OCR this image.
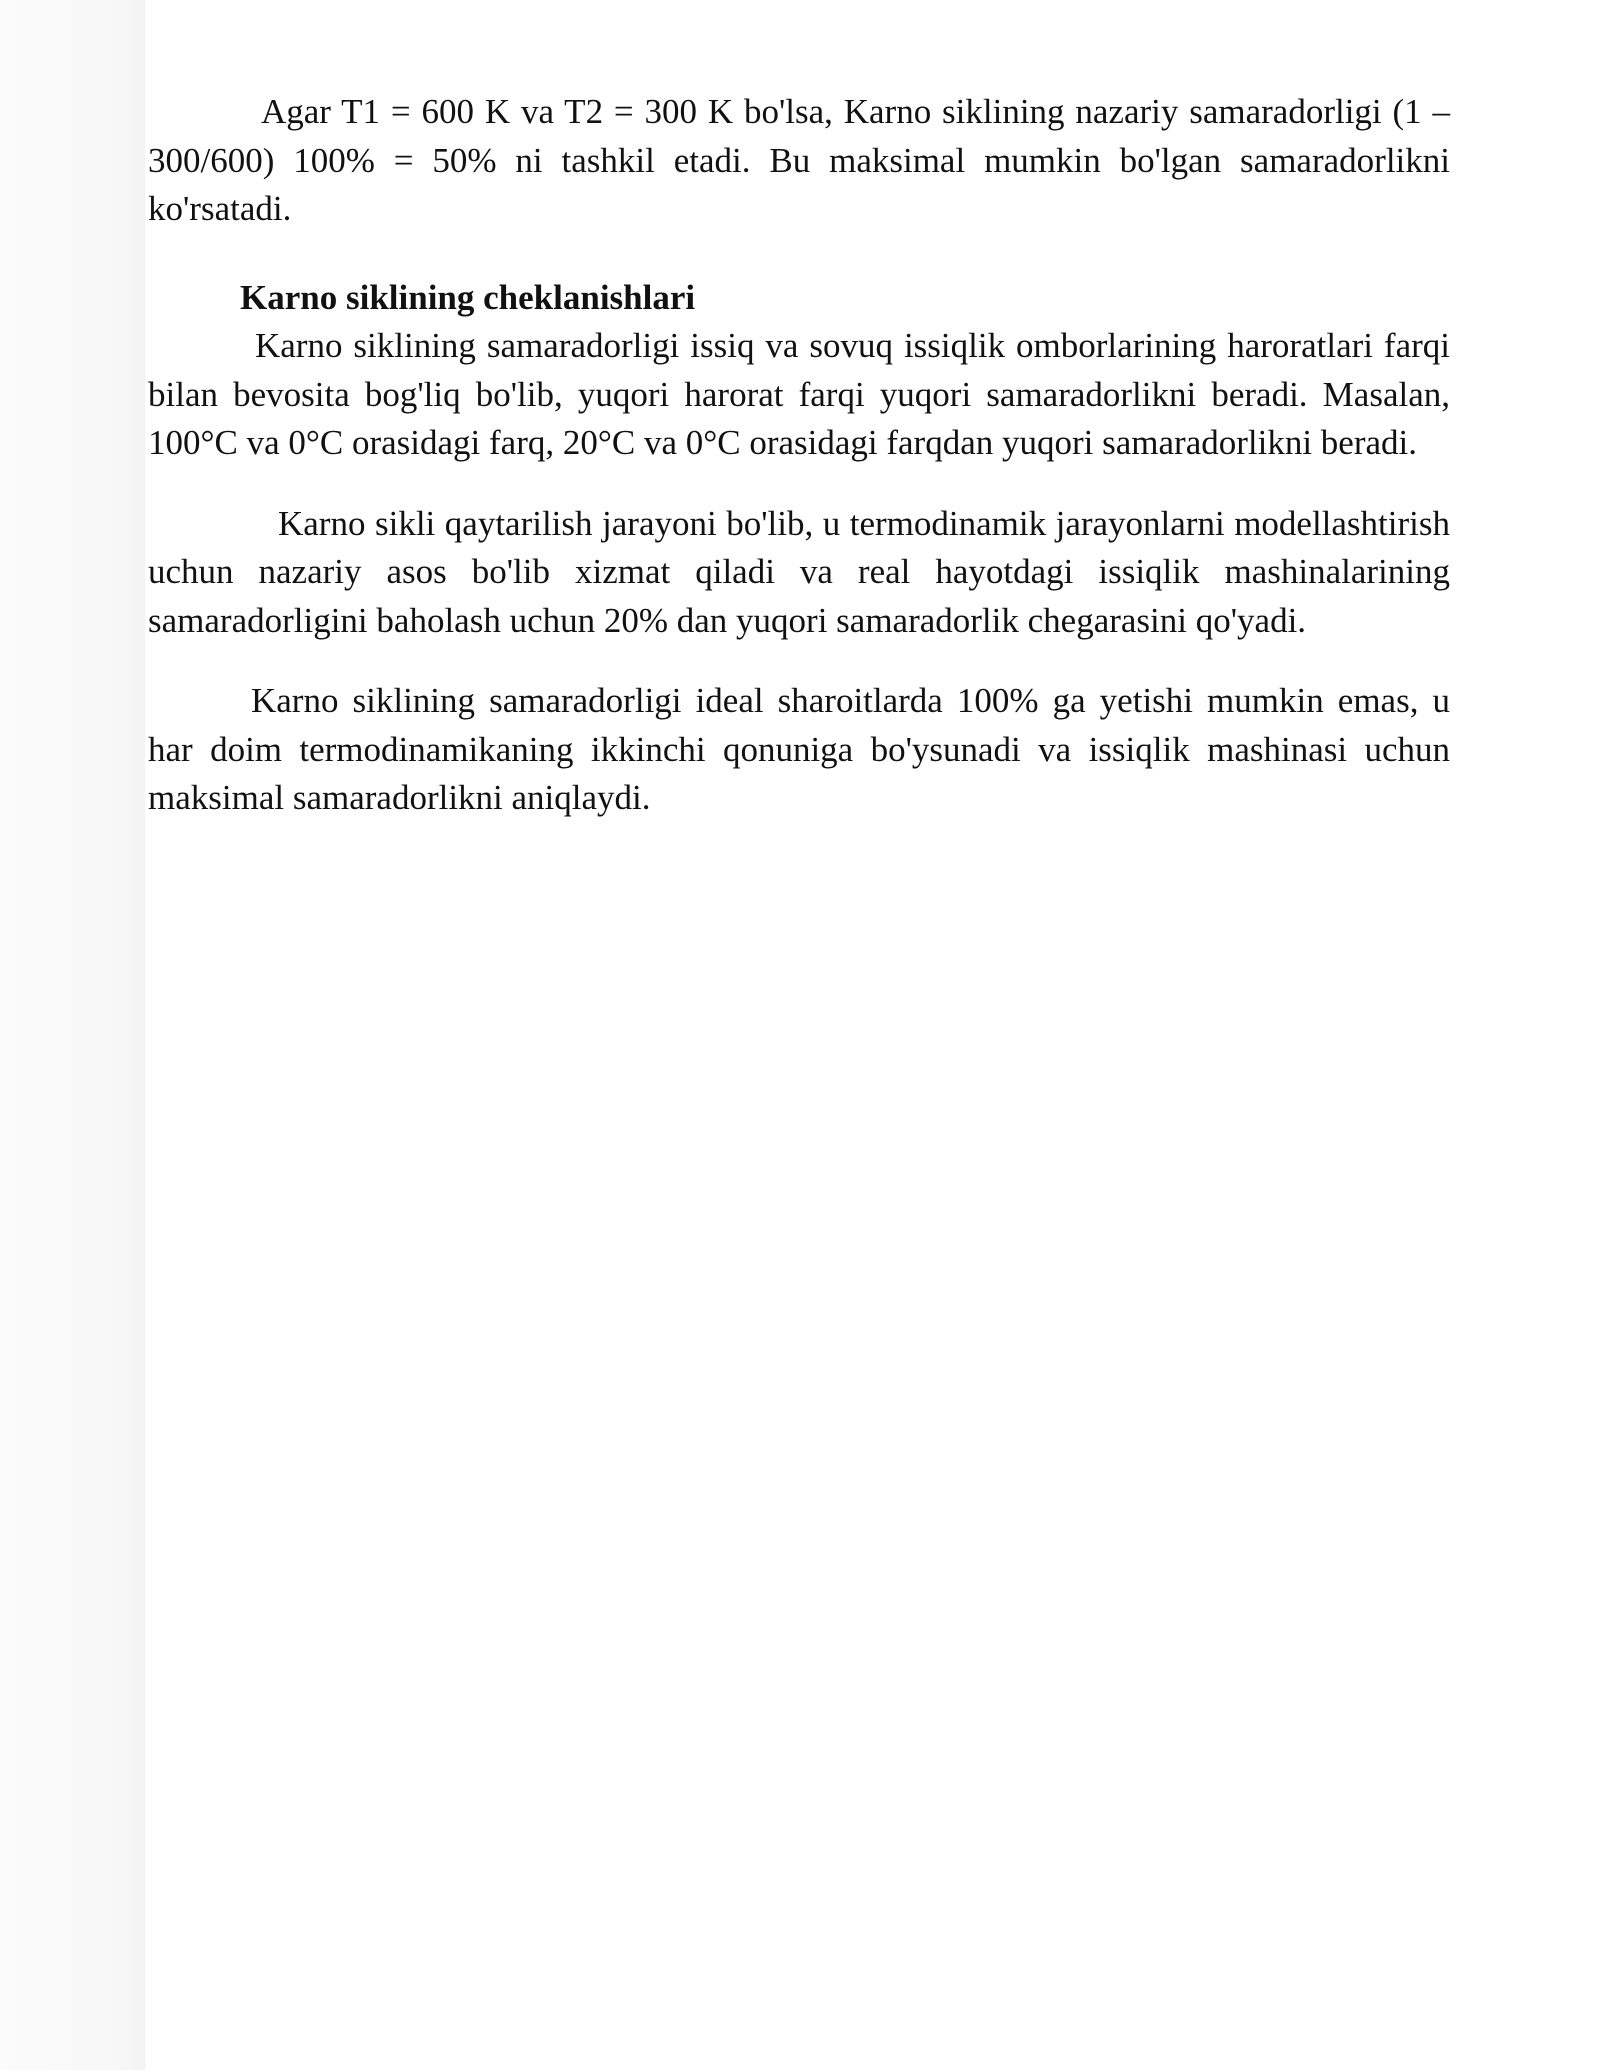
Agar T1 = 600 K va T2 = 300 K bo'lsa, Karno siklining nazariy samaradorligi (1 – 300/600) 100% = 50% ni tashkil etadi. Bu maksimal mumkin bo'lgan samaradorlikni ko'rsatadi.

Karno siklining cheklanishlari

Karno siklining samaradorligi issiq va sovuq issiqlik omborlarining haroratlari farqi bilan bevosita bog'liq bo'lib, yuqori harorat farqi yuqori samaradorlikni beradi. Masalan, 100°C va 0°C orasidagi farq, 20°C va 0°C orasidagi farqdan yuqori samaradorlikni beradi.

Karno sikli qaytarilish jarayoni bo'lib, u termodinamik jarayonlarni modellashtirish uchun nazariy asos bo'lib xizmat qiladi va real hayotdagi issiqlik mashinalarining samaradorligini baholash uchun 20% dan yuqori samaradorlik chegarasini qo'yadi.

Karno siklining samaradorligi ideal sharoitlarda 100% ga yetishi mumkin emas, u har doim termodinamikaning ikkinchi qonuniga bo'ysunadi va issiqlik mashinasi uchun maksimal samaradorlikni aniqlaydi.
